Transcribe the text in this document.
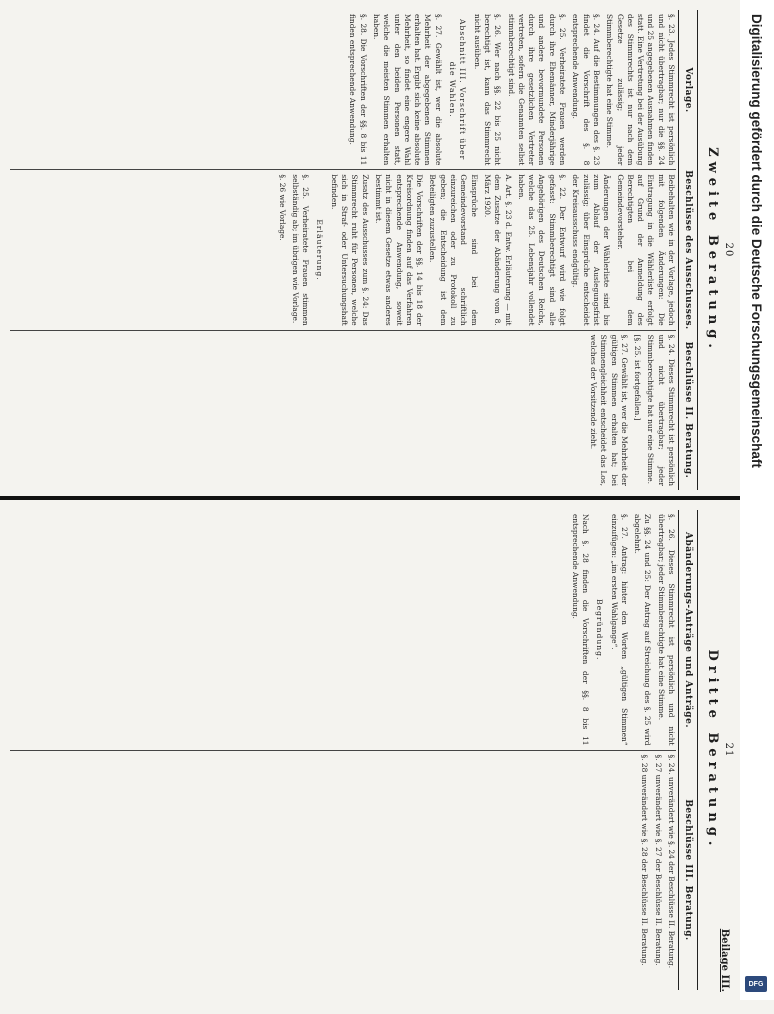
20
Zweite Beratung.
Vorlage.
Beschlüsse des Ausschusses.
Beschlüsse II. Beratung.

§. 23. Jedes Stimmrecht ist persönlich und nicht übertragbar; nur die §§. 24 und 25 angegebenen Ausnahmen finden statt. Eine Vertretung bei der Ausübung des Stimmrechts ist nur nach dem Gesetze zulässig; jeder Stimmberechtigte hat eine Stimme.

§. 24. Auf die Bestimmungen des §. 23 findet die Vorschrift des §. 8 entsprechende Anwendung.

§. 25. Verheiratete Frauen werden durch ihre Ehemänner, Minderjährige und andere bevormundete Personen durch ihre gesetzlichen Vertreter vertreten, sofern die Genannten selbst stimmberechtigt sind.

§. 26. Wer nach §§. 22 bis 25 nicht berechtigt ist, kann das Stimmrecht nicht ausüben.

Abschnitt III. Vorschrift über die Wahlen.

§. 27. Gewählt ist, wer die absolute Mehrheit der abgegebenen Stimmen erhalten hat. Ergibt sich keine absolute Mehrheit, so findet eine engere Wahl unter den beiden Personen statt, welche die meisten Stimmen erhalten haben.

§. 28. Die Vorschriften der §§. 8 bis 11 finden entsprechende Anwendung.

Beibehalten wie in der Vorlage, jedoch mit folgenden Änderungen: Die Eintragung in die Wählerliste erfolgt auf Grund der Anmeldung des Berechtigten bei dem Gemeindevorsteher.

Änderungen der Wählerliste sind bis zum Ablauf der Auslegungsfrist zulässig; über Einsprüche entscheidet der Kreisausschuss endgültig.

§. 22. Der Entwurf wird wie folgt gefasst: Stimmberechtigt sind alle Angehörigen des Deutschen Reichs, welche das 25. Lebensjahr vollendet haben.

A. Art. §. 23 d. Entw. Erläuterung — mit dem Zusatze der Abänderung vom 8. März 1920.

Einsprüche sind bei dem Gemeindevorstand schriftlich einzureichen oder zu Protokoll zu geben; die Entscheidung ist dem Beteiligten zuzustellen.

Die Vorschriften der §§. 14 bis 18 der Kreisordnung finden auf das Verfahren entsprechende Anwendung, soweit nicht in diesem Gesetze etwas anderes bestimmt ist.

Zusatz des Ausschusses zum §. 24: Das Stimmrecht ruht für Personen, welche sich in Straf- oder Untersuchungshaft befinden.

Erläuterung.

§. 25. Verheiratete Frauen stimmen selbständig ab; im übrigen wie Vorlage.

§. 26 wie Vorlage.

§. 24. Dieses Stimmrecht ist persönlich und nicht übertragbar; jeder Stimmberechtigte hat nur eine Stimme.

[§. 25. ist fortgefallen.]

§. 27. Gewählt ist, wer die Mehrheit der gültigen Stimmen erhalten hat; bei Stimmengleichheit entscheidet das Los, welches der Vorsitzende zieht.

21
Beilage III.
Dritte Beratung.
Abänderungs-Anträge und Anträge.
Beschlüsse III. Beratung.

§. 26. Dieses Stimmrecht ist persönlich und nicht übertragbar; jeder Stimmberechtigte hat eine Stimme.

Zu §§. 24 und 25: Der Antrag auf Streichung des §. 25 wird abgelehnt.

§. 27. Antrag: hinter den Worten „gültigen Stimmen“ einzufügen: „im ersten Wahlgange“.

Begründung.

Nach §. 28 finden die Vorschriften der §§. 8 bis 11 entsprechende Anwendung.

§. 24. unverändert wie §. 24 der Beschlüsse II. Beratung.

§. 27 unverändert wie §. 27 der Beschlüsse II. Beratung.

§. 28 unverändert wie §. 28 der Beschlüsse II. Beratung.

Digitalisierung gefördert durch die Deutsche Forschungsgemeinschaft
DFG
